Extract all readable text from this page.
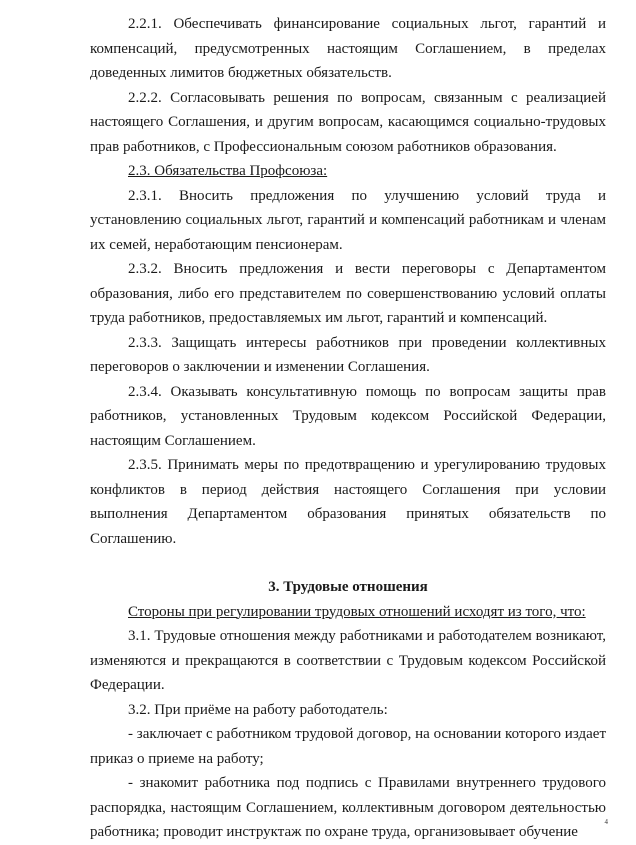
2.2.1. Обеспечивать финансирование социальных льгот, гарантий и компенсаций, предусмотренных настоящим Соглашением, в пределах доведенных лимитов бюджетных обязательств.

2.2.2. Согласовывать решения по вопросам, связанным с реализацией настоящего Соглашения, и другим вопросам, касающимся социально-трудовых прав работников, с Профессиональным союзом работников образования.

2.3. Обязательства Профсоюза:

2.3.1. Вносить предложения по улучшению условий труда и установлению социальных льгот, гарантий и компенсаций работникам и членам их семей, неработающим пенсионерам.

2.3.2. Вносить предложения и вести переговоры с Департаментом образования, либо его представителем по совершенствованию условий оплаты труда работников, предоставляемых им льгот, гарантий и компенсаций.

2.3.3. Защищать интересы работников при проведении коллективных переговоров о заключении и изменении Соглашения.

2.3.4. Оказывать консультативную помощь по вопросам защиты прав работников, установленных Трудовым кодексом Российской Федерации, настоящим Соглашением.

2.3.5. Принимать меры по предотвращению и урегулированию трудовых конфликтов в период действия настоящего Соглашения при условии выполнения Департаментом образования принятых обязательств по Соглашению.

3. Трудовые отношения

Стороны при регулировании трудовых отношений исходят из того, что:

3.1. Трудовые отношения между работниками и работодателем возникают, изменяются и прекращаются в соответствии с Трудовым кодексом Российской Федерации.

3.2. При приёме на работу работодатель:

- заключает с работником трудовой договор, на основании которого издает приказ о приеме на работу;

- знакомит работника под подпись с Правилами внутреннего трудового распорядка, настоящим Соглашением, коллективным договором деятельностью работника; проводит инструктаж по охране труда, организовывает обучение

4
